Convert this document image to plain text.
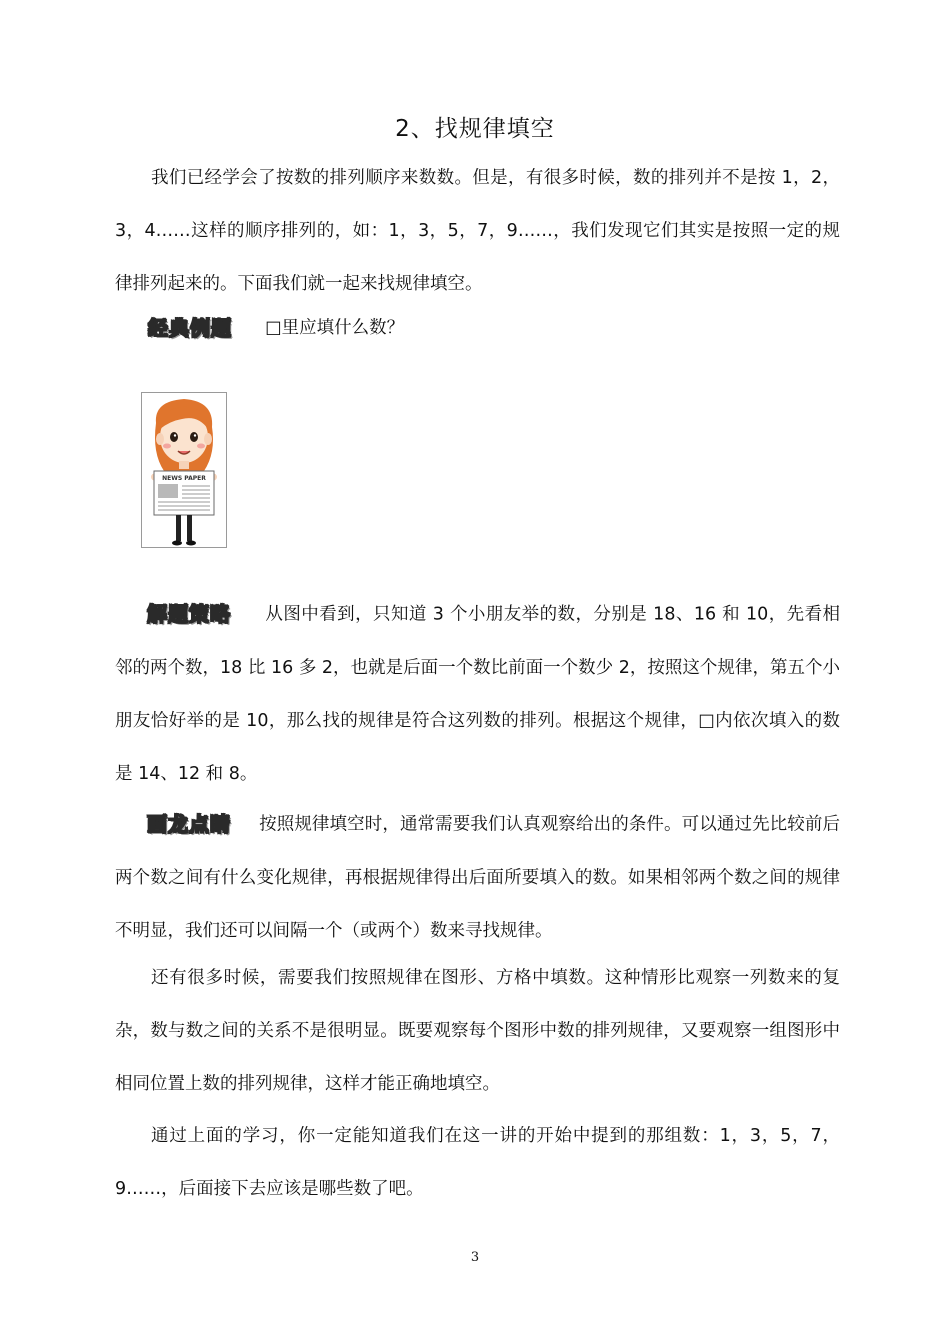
2、找规律填空
我们已经学会了按数的排列顺序来数数。但是，有很多时候，数的排列并不是按 1，2，3，4……这样的顺序排列的，如：1，3，5，7，9……，我们发现它们其实是按照一定的规律排列起来的。下面我们就一起来找规律填空。
经典例题 □里应填什么数？
NEWS PAPER
解题策略 从图中看到，只知道 3 个小朋友举的数，分别是 18、16 和 10，先看相邻的两个数，18 比 16 多 2，也就是后面一个数比前面一个数少 2，按照这个规律，第五个小朋友恰好举的是 10，那么找的规律是符合这列数的排列。根据这个规律，□内依次填入的数是 14、12 和 8。
画龙点睛 按照规律填空时，通常需要我们认真观察给出的条件。可以通过先比较前后两个数之间有什么变化规律，再根据规律得出后面所要填入的数。如果相邻两个数之间的规律不明显，我们还可以间隔一个（或两个）数来寻找规律。
还有很多时候，需要我们按照规律在图形、方格中填数。这种情形比观察一列数来的复杂，数与数之间的关系不是很明显。既要观察每个图形中数的排列规律，又要观察一组图形中相同位置上数的排列规律，这样才能正确地填空。
通过上面的学习，你一定能知道我们在这一讲的开始中提到的那组数：1，3，5，7，9……，后面接下去应该是哪些数了吧。
3
